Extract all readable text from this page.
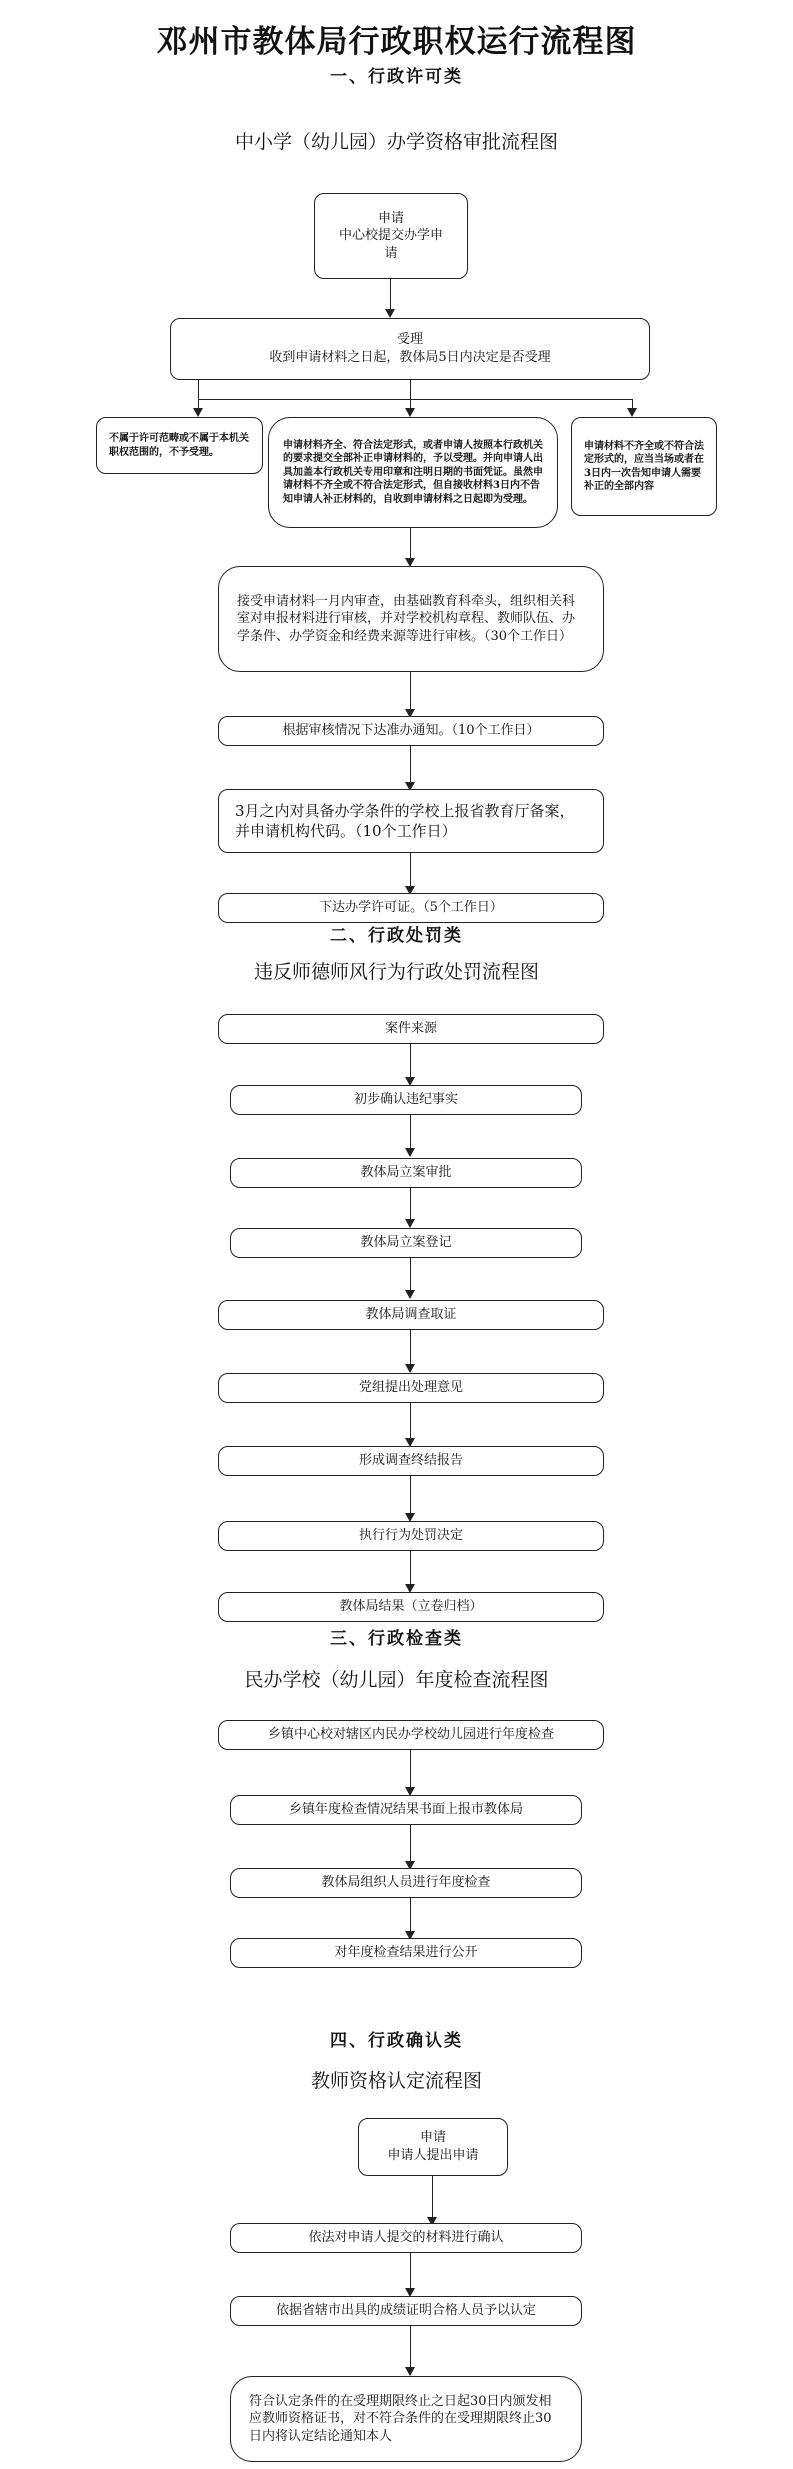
邓州市教体局行政职权运行流程图
一、行政许可类
中小学（幼儿园）办学资格审批流程图
申请
中心校提交办学申
请
受理
收到申请材料之日起，教体局5日内决定是否受理
不属于许可范畴或不属于本机关职权范围的，不予受理。
申请材料齐全、符合法定形式，或者申请人按照本行政机关的要求提交全部补正申请材料的，予以受理。并向申请人出具加盖本行政机关专用印章和注明日期的书面凭证。虽然申请材料不齐全或不符合法定形式，但自接收材料3日内不告知申请人补正材料的，自收到申请材料之日起即为受理。
申请材料不齐全或不符合法定形式的，应当当场或者在3日内一次告知申请人需要补正的全部内容
接受申请材料一月内审查，由基础教育科牵头，组织相关科室对申报材料进行审核，并对学校机构章程、教师队伍、办学条件、办学资金和经费来源等进行审核。（30个工作日）
根据审核情况下达准办通知。（10个工作日）
3月之内对具备办学条件的学校上报省教育厅备案，并申请机构代码。（10个工作日）
下达办学许可证。（5个工作日）
二、行政处罚类
违反师德师风行为行政处罚流程图
案件来源
初步确认违纪事实
教体局立案审批
教体局立案登记
教体局调查取证
党组提出处理意见
形成调查终结报告
执行行为处罚决定
教体局结果（立卷归档）
三、行政检查类
民办学校（幼儿园）年度检查流程图
乡镇中心校对辖区内民办学校幼儿园进行年度检查
乡镇年度检查情况结果书面上报市教体局
教体局组织人员进行年度检查
对年度检查结果进行公开
四、行政确认类
教师资格认定流程图
申请
申请人提出申请
依法对申请人提交的材料进行确认
依据省辖市出具的成绩证明合格人员予以认定
符合认定条件的在受理期限终止之日起30日内颁发相应教师资格证书，对不符合条件的在受理期限终止30日内将认定结论通知本人
